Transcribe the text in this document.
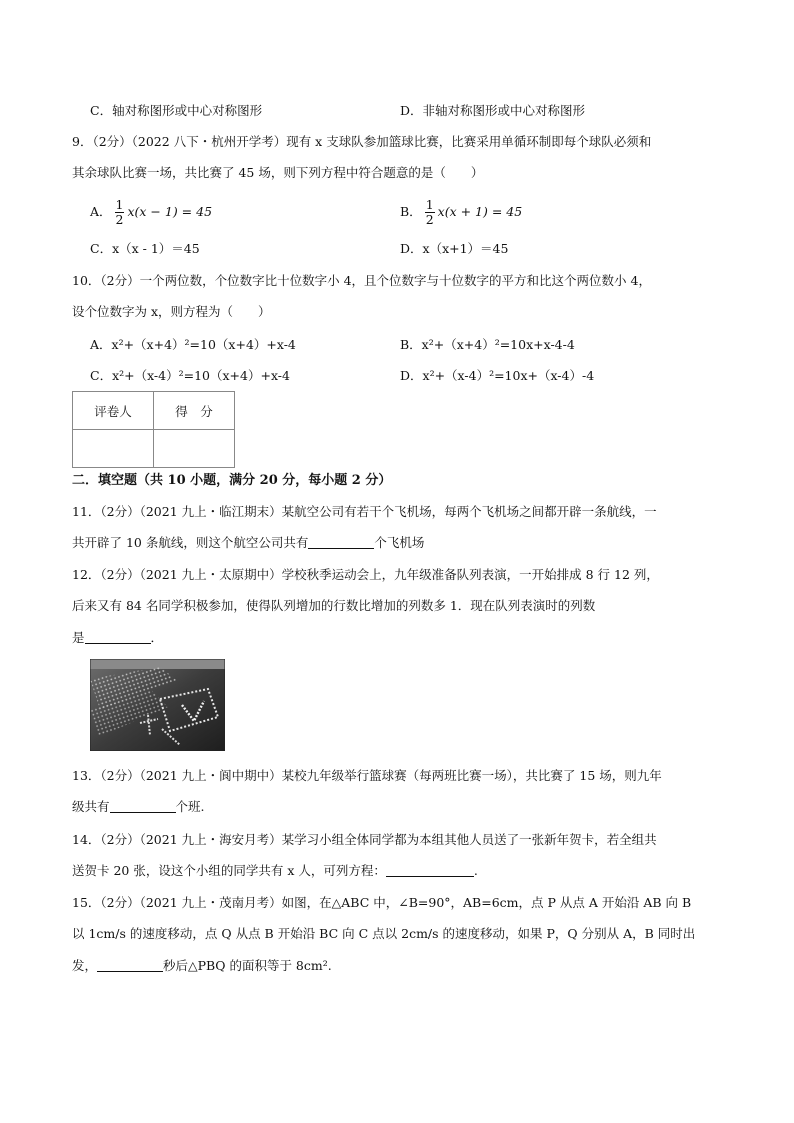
C．轴对称图形或中心对称图形	D．非轴对称图形或中心对称图形
9．（2分）（2022 八下・杭州开学考）现有 x 支球队参加篮球比赛，比赛采用单循环制即每个球队必须和
其余球队比赛一场，共比赛了 45 场，则下列方程中符合题意的是（　　）
A． $\frac{1}{2} x(x - 1) = 45$	B． $\frac{1}{2} x(x + 1) = 45$
C．x（x - 1）＝45	D．x（x+1）＝45
10．（2分）一个两位数，个位数字比十位数字小 4，且个位数字与十位数字的平方和比这个两位数小 4，
设个位数字为 x，则方程为（　　）
A．x²+（x+4）²=10（x+4）+x-4	B．x²+（x+4）²=10x+x-4-4
C．x²+（x-4）²=10（x+4）+x-4	D．x²+（x-4）²=10x+（x-4）-4
评卷人	得　分

二．填空题（共 10 小题，满分 20 分，每小题 2 分）
11．（2分）（2021 九上・临江期末）某航空公司有若干个飞机场，每两个飞机场之间都开辟一条航线，一
共开辟了 10 条航线，则这个航空公司共有	个飞机场
12．（2分）（2021 九上・太原期中）学校秋季运动会上，九年级准备队列表演，一开始排成 8 行 12 列，
后来又有 84 名同学积极参加，使得队列增加的行数比增加的列数多 1．现在队列表演时的列数
是	．
13．（2分）（2021 九上・阆中期中）某校九年级举行篮球赛（每两班比赛一场），共比赛了 15 场，则九年
级共有	个班.
14．（2分）（2021 九上・海安月考）某学习小组全体同学都为本组其他人员送了一张新年贺卡，若全组共
送贺卡 20 张，设这个小组的同学共有 x 人，可列方程：	.
15．（2分）（2021 九上・茂南月考）如图，在△ABC 中，∠B=90°，AB=6cm，点 P 从点 A 开始沿 AB 向 B
以 1cm/s 的速度移动，点 Q 从点 B 开始沿 BC 向 C 点以 2cm/s 的速度移动，如果 P，Q 分别从 A，B 同时出
发，	秒后△PBQ 的面积等于 8cm².
